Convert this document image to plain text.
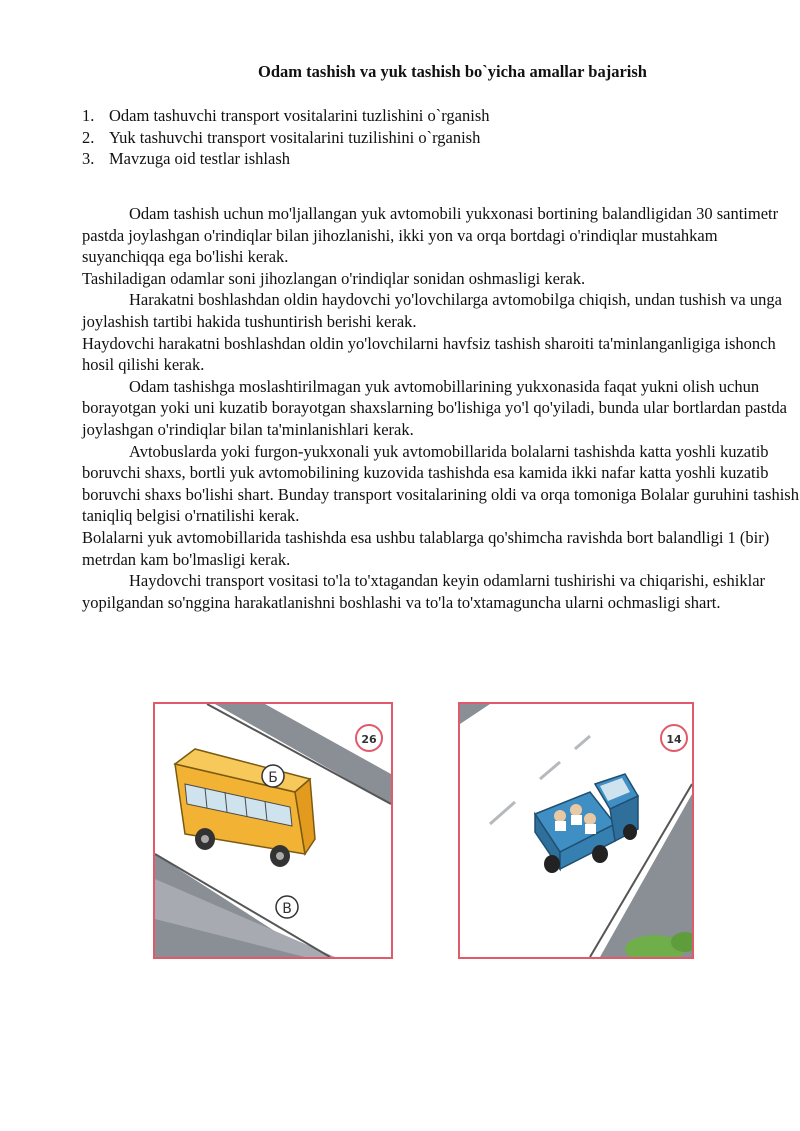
Odam tashish va yuk tashish bo`yicha amallar bajarish
1. Odam tashuvchi transport vositalarini tuzlishini o`rganish
2. Yuk tashuvchi transport vositalarini tuzilishini o`rganish
3. Mavzuga oid testlar ishlash

Odam tashish uchun mo'ljallangan yuk avtomobili yukxonasi bortining balandligidan 30 santimetr pastda joylashgan o'rindiqlar bilan jihozlanishi, ikki yon va orqa bortdagi o'rindiqlar mustahkam suyanchiqqa ega bo'lishi kerak.

Tashiladigan odamlar soni jihozlangan o'rindiqlar sonidan oshmasligi kerak.

Harakatni boshlashdan oldin haydovchi yo'lovchilarga avtomobilga chiqish, undan tushish va unga joylashish tartibi hakida tushuntirish berishi kerak.

Haydovchi harakatni boshlashdan oldin yo'lovchilarni havfsiz tashish sharoiti ta'minlanganligiga ishonch hosil qilishi kerak.

Odam tashishga moslashtirilmagan yuk avtomobillarining yukxonasida faqat yukni olish uchun borayotgan yoki uni kuzatib borayotgan shaxslarning bo'lishiga yo'l qo'yiladi, bunda ular bortlardan pastda joylashgan o'rindiqlar bilan ta'minlanishlari kerak.

Avtobuslarda yoki furgon-yukxonali yuk avtomobillarida bolalarni tashishda katta yoshli kuzatib boruvchi shaxs, bortli yuk avtomobilining kuzovida tashishda esa kamida ikki nafar katta yoshli kuzatib boruvchi shaxs bo'lishi shart. Bunday transport vositalarining oldi va orqa tomoniga Bolalar guruhini tashish taniqliq belgisi o'rnatilishi kerak.

Bolalarni yuk avtomobillarida tashishda esa ushbu talablarga qo'shimcha ravishda bort balandligi 1 (bir) metrdan kam bo'lmasligi kerak.

Haydovchi transport vositasi to'la to'xtagandan keyin odamlarni tushirishi va chiqarishi, eshiklar yopilgandan so'nggina harakatlanishni boshlashi va to'la to'xtamaguncha ularni ochmasligi shart.

Б
В
26	14
